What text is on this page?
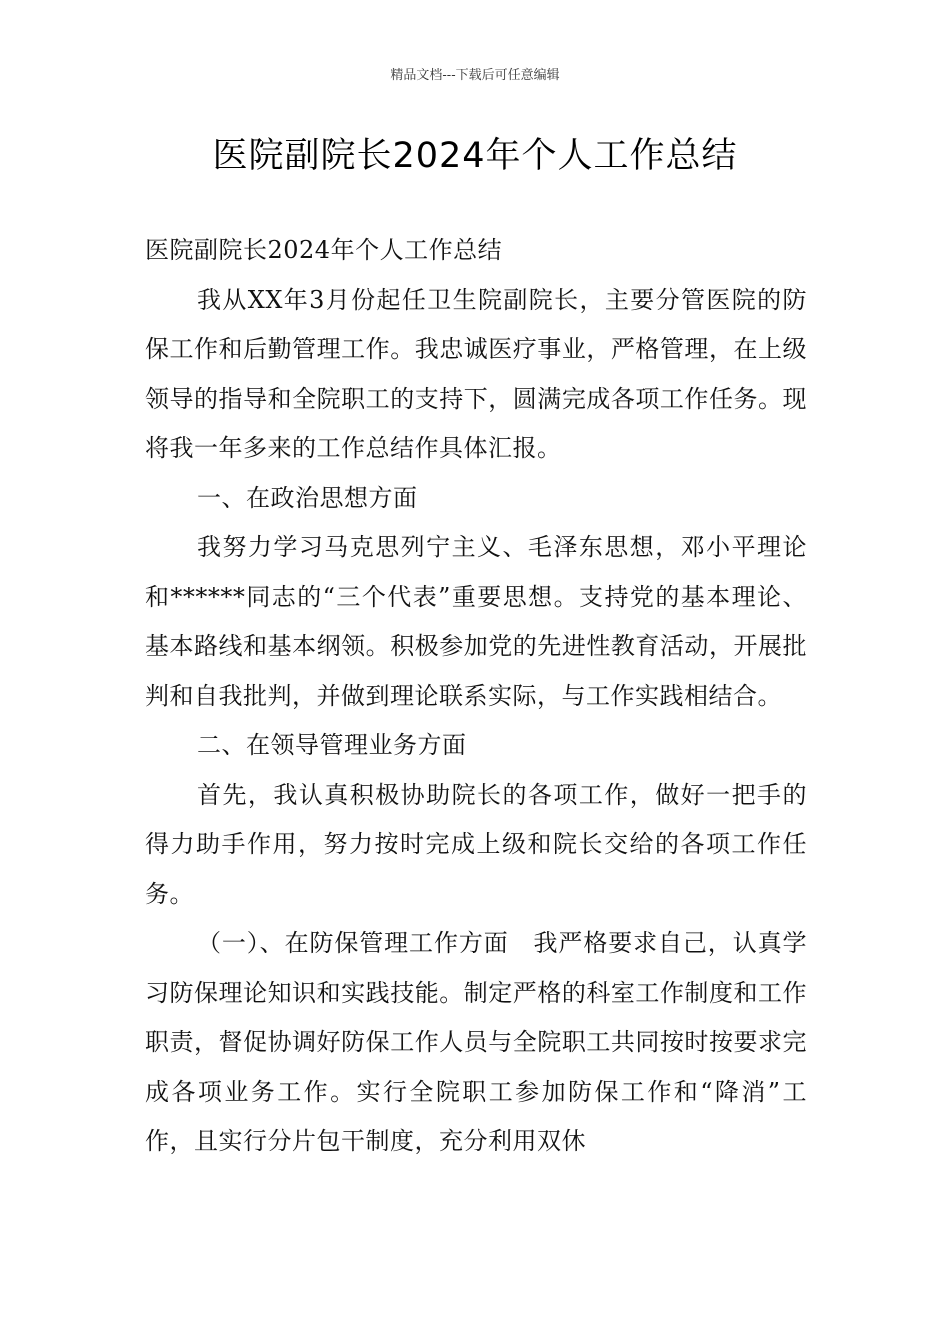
精品文档---下载后可任意编辑
医院副院长2024年个人工作总结

医院副院长2024年个人工作总结

我从XX年3月份起任卫生院副院长，主要分管医院的防保工作和后勤管理工作。我忠诚医疗事业，严格管理，在上级领导的指导和全院职工的支持下，圆满完成各项工作任务。现将我一年多来的工作总结作具体汇报。

一、在政治思想方面

我努力学习马克思列宁主义、毛泽东思想，邓小平理论和******同志的“三个代表”重要思想。支持党的基本理论、基本路线和基本纲领。积极参加党的先进性教育活动，开展批判和自我批判，并做到理论联系实际，与工作实践相结合。

二、在领导管理业务方面

首先，我认真积极协助院长的各项工作，做好一把手的得力助手作用，努力按时完成上级和院长交给的各项工作任务。

（一）、在防保管理工作方面　我严格要求自己，认真学习防保理论知识和实践技能。制定严格的科室工作制度和工作职责，督促协调好防保工作人员与全院职工共同按时按要求完成各项业务工作。实行全院职工参加防保工作和“降消”工作，且实行分片包干制度，充分利用双休
